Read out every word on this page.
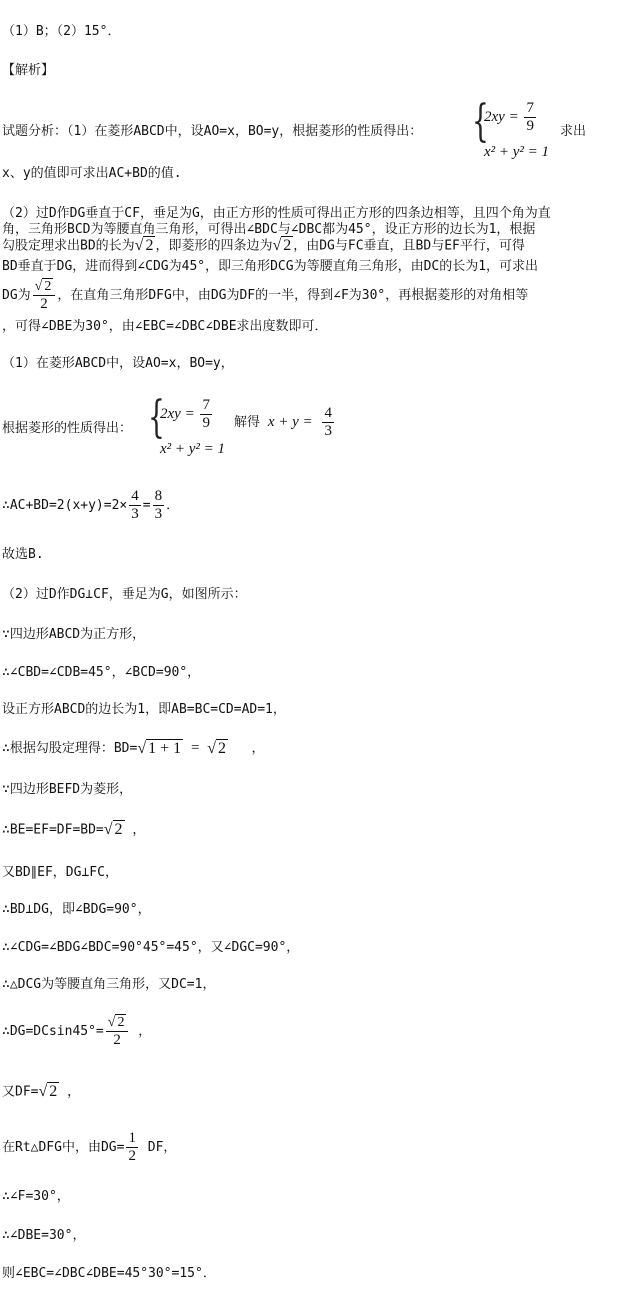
（1）B；（2）15°．
【解析】
试题分析：（1）在菱形ABCD中，设AO=x，BO=y，根据菱形的性质得出： {
$2xy = \frac{7}{9}$
x² + y² = 1
求出
x、y的值即可求出AC+BD的值.
（2）过D作DG垂直于CF，垂足为G，由正方形的性质可得出正方形的四条边相等，且四个角为直
角，三角形BCD为等腰直角三角形，可得出∠BDC与∠DBC都为45°，设正方形的边长为1，根据
勾股定理求出BD的长为√ 2 ，即菱形的四条边为√ 2 ，由DG与FC垂直，且BD与EF平行，可得
BD垂直于DG，进而得到∠CDG为45°，即三角形DCG为等腰直角三角形，由DC的长为1，可求出
DG为 $\frac{√ 2}{2}$ ，在直角三角形DFG中，由DG为DF的一半，得到∠F为30°，再根据菱形的对角相等
，可得∠DBE为30°，由∠EBC=∠DBC∠DBE求出度数即可．
（1）在菱形ABCD中，设AO=x，BO=y，
根据菱形的性质得出： {
$2xy = \frac{7}{9}$
x² + y² = 1
解得 $x + y = \frac{4}{3}$
∴AC+BD=2(x+y)=2× $\frac{4}{3} = \frac{8}{3}$ ．
故选B.
（2）过D作DG⊥CF，垂足为G，如图所示：
∵四边形ABCD为正方形，
∴∠CBD=∠CDB=45°，∠BCD=90°，
设正方形ABCD的边长为1，即AB=BC=CD=AD=1，
∴根据勾股定理得：BD=√ 1 + 1 = √ 2 ，
∵四边形BEFD为菱形，
∴BE=EF=DF=BD=√ 2 ，
又BD∥EF，DG⊥FC，
∴BD⊥DG，即∠BDG=90°，
∴∠CDG=∠BDG∠BDC=90°45°=45°，又∠DGC=90°，
∴△DCG为等腰直角三角形，又DC=1，
∴DG=DCsin45°= $\frac{√ 2}{2}$ ，
又DF=√ 2 ，
在Rt△DFG中，由$DG= \frac{1}{2}$ DF，
∴∠F=30°，
∴∠DBE=30°，
则∠EBC=∠DBC∠DBE=45°30°=15°．
